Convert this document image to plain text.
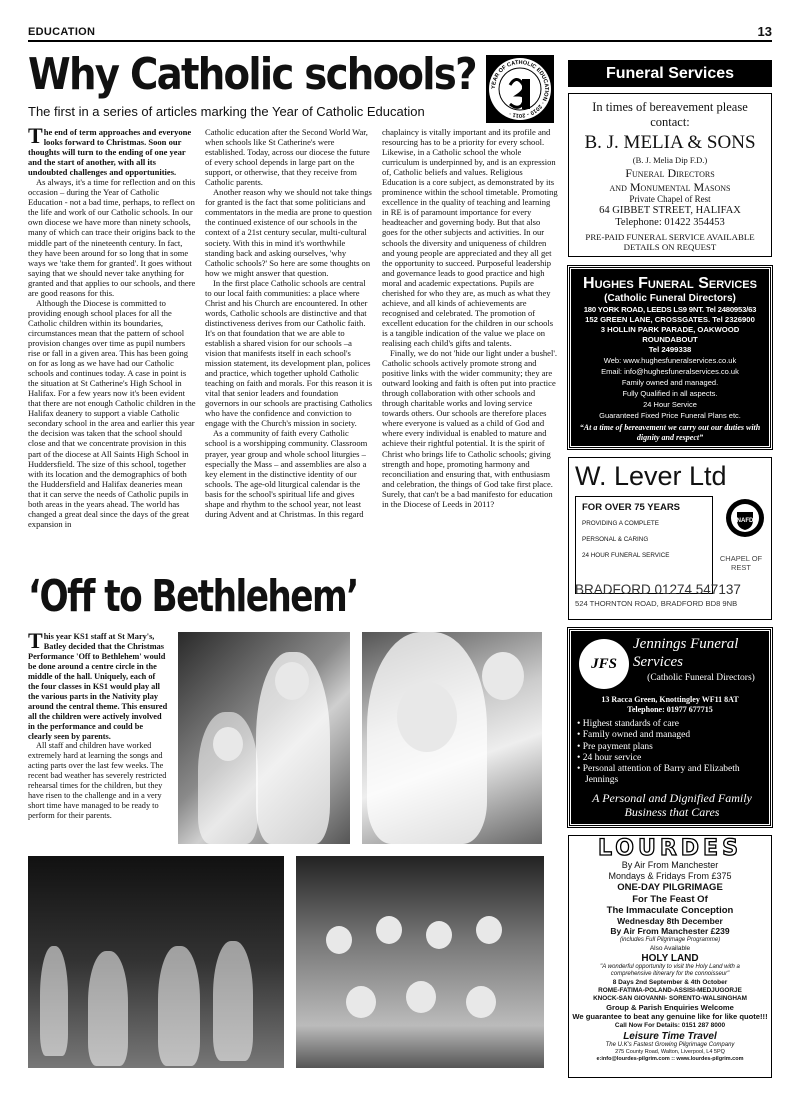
EDUCATION	13
Why Catholic schools?	YEAR OF CATHOLIC EDUCATION · 2010 - 2011 ·
The first in a series of articles marking the Year of Catholic Education

The end of term approaches and everyone looks forward to Christmas. Soon our thoughts will turn to the ending of one year and the start of another, with all its undoubted challenges and opportunities.

As always, it's a time for reflection and on this occasion – during the Year of Catholic Education - not a bad time, perhaps, to reflect on the life and work of our Catholic schools. In our own diocese we have more than ninety schools, many of which can trace their origins back to the middle part of the nineteenth century. In fact, they have been around for so long that in some ways we 'take them for granted'. It goes without saying that we should never take anything for granted and that applies to our schools, and there are good reasons for this.

Although the Diocese is committed to providing enough school places for all the Catholic children within its boundaries, circumstances mean that the pattern of school provision changes over time as pupil numbers rise or fall in a given area. This has been going on for as long as we have had our Catholic schools and continues today. A case in point is the situation at St Catherine's High School in Halifax. For a few years now it's been evident that there are not enough Catholic children in the Halifax deanery to support a viable Catholic secondary school in the area and earlier this year the decision was taken that the school should close and that we concentrate provision in this part of the diocese at All Saints High School in Huddersfield. The size of this school, together with its location and the demographics of both the Huddersfield and Halifax deaneries mean that it can serve the needs of Catholic pupils in both areas in the years ahead. The world has changed a great deal since the days of the great expansion in

Catholic education after the Second World War, when schools like St Catherine's were established. Today, across our diocese the future of every school depends in large part on the support, or otherwise, that they receive from Catholic parents.

Another reason why we should not take things for granted is the fact that some politicians and commentators in the media are prone to question the continued existence of our schools in the context of a 21st century secular, multi-cultural society. With this in mind it's worthwhile standing back and asking ourselves, 'why Catholic schools?' So here are some thoughts on how we might answer that question.

In the first place Catholic schools are central to our local faith communities: a place where Christ and his Church are encountered. In other words, Catholic schools are distinctive and that distinctiveness derives from our Catholic faith. It's on that foundation that we are able to establish a shared vision for our schools –a vision that manifests itself in each school's mission statement, its development plan, polices and practice, which together uphold Catholic teaching on faith and morals. For this reason it is vital that senior leaders and foundation governors in our schools are practising Catholics who have the confidence and conviction to engage with the Church's mission in society.

As a community of faith every Catholic school is a worshipping community. Classroom prayer, year group and whole school liturgies – especially the Mass – and assemblies are also a key element in the distinctive identity of our schools. The age-old liturgical calendar is the basis for the school's spiritual life and gives shape and rhythm to the school year, not least during Advent and at Christmas. In this regard

chaplaincy is vitally important and its profile and resourcing has to be a priority for every school. Likewise, in a Catholic school the whole curriculum is underpinned by, and is an expression of, Catholic beliefs and values. Religious Education is a core subject, as demonstrated by its prominence within the school timetable. Promoting excellence in the quality of teaching and learning in RE is of paramount importance for every headteacher and governing body. But that also goes for the other subjects and activities. In our schools the diversity and uniqueness of children and young people are appreciated and they all get the opportunity to succeed. Purposeful leadership and governance leads to good practice and high moral and academic expectations. Pupils are cherished for who they are, as much as what they achieve, and all kinds of achievements are recognised and celebrated. The promotion of excellent education for the children in our schools is a tangible indication of the value we place on realising each child's gifts and talents.

Finally, we do not 'hide our light under a bushel'. Catholic schools actively promote strong and positive links with the wider community; they are outward looking and faith is often put into practice through collaboration with other schools and through charitable works and loving service towards others. Our schools are therefore places where everyone is valued as a child of God and where every individual is enabled to mature and achieve their rightful potential. It is the spirit of Christ who brings life to Catholic schools; giving strength and hope, promoting harmony and reconciliation and ensuring that, with enthusiasm and celebration, the things of God take first place. Surely, that can't be a bad manifesto for education in the Diocese of Leeds in 2011?

‘Off to Bethlehem’

This year KS1 staff at St Mary's, Batley decided that the Christmas Performance 'Off to Bethlehem' would be done around a centre circle in the middle of the hall. Uniquely, each of the four classes in KS1 would play all the various parts in the Nativity play around the central theme. This ensured all the children were actively involved in the performance and could be clearly seen by parents.

All staff and children have worked extremely hard at learning the songs and acting parts over the last few weeks. The recent bad weather has severely restricted rehearsal times for the children, but they have risen to the challenge and in a very short time have managed to be ready to perform for their parents.

Funeral Services
In times of bereavement please contact:
B. J. MELIA & SONS
(B. J. Melia Dip F.D.)
Funeral Directors
and Monumental Masons
Private Chapel of Rest
64 GIBBET STREET, HALIFAX
Telephone: 01422 354453
PRE-PAID FUNERAL SERVICE AVAILABLE DETAILS ON REQUEST
Hughes Funeral Services
(Catholic Funeral Directors)
180 YORK ROAD, LEEDS LS9 9NT. Tel 2480953/63
152 GREEN LANE, CROSSGATES. Tel 2326900
3 HOLLIN PARK PARADE, OAKWOOD ROUNDABOUT
Tel 2499338
Web: www.hughesfuneralservices.co.uk
Email: info@hughesfuneralservices.co.uk
Family owned and managed.
Fully Qualified in all aspects.
24 Hour Service
Guaranteed Fixed Price Funeral Plans etc.
“At a time of bereavement we carry out our duties with dignity and respect”
W. Lever Ltd
FOR OVER 75 YEARS
PROVIDING A COMPLETE
PERSONAL & CARING
24 HOUR FUNERAL SERVICE
NAFD
CHAPEL OF REST
BRADFORD 01274 547137
524 THORNTON ROAD, BRADFORD BD8 9NB
JFS
Jennings Funeral Services
(Catholic Funeral Directors)
13 Racca Green, Knottingley WF11 8AT
Telephone: 01977 677715
• Highest standards of care
• Family owned and managed
• Pre payment plans
• 24 hour service
• Personal attention of Barry and Elizabeth Jennings
A Personal and Dignified Family Business that Cares
LOURDES
By Air From Manchester
Mondays & Fridays From £375
ONE-DAY PILGRIMAGE
For The Feast Of
The Immaculate Conception
Wednesday 8th December
By Air From Manchester £239
(includes Full Pilgrimage Programme)
Also Available
HOLY LAND
"A wonderful opportunity to visit the Holy Land with a comprehensive itinerary for the connoisseur"
8 Days 2nd September & 4th October
ROME-FATIMA-POLAND-ASSISI-MEDJUGORJE
KNOCK-SAN GIOVANNI- SORENTO-WALSINGHAM
Group & Parish Enquiries Welcome
We guarantee to beat any genuine like for like quote!!!
Call Now For Details: 0151 287 8000
Leisure Time Travel
The U.K's Fastest Growing Pilgrimage Company
275 County Road, Walton, Liverpool, L4 5PQ
e:info@lourdes-pilgrim.com :: www.lourdes-pilgrim.com
